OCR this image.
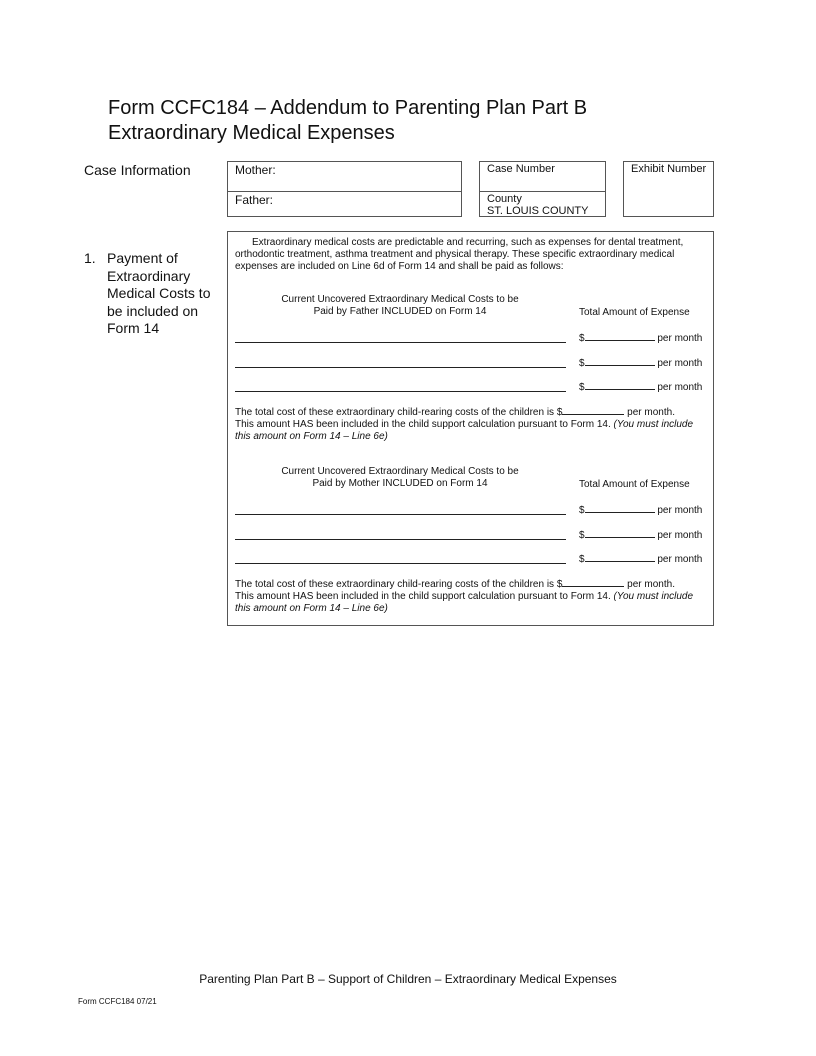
Form CCFC184 – Addendum to Parenting Plan Part B
Extraordinary Medical Expenses
Case Information	Mother:
Father:
Case Number
County
ST. LOUIS COUNTY
Exhibit Number
1. Payment of Extraordinary Medical Costs to be included on Form 14
Extraordinary medical costs are predictable and recurring, such as expenses for dental treatment, orthodontic treatment, asthma treatment and physical therapy. These specific extraordinary medical expenses are included on Line 6d of Form 14 and shall be paid as follows:
Current Uncovered Extraordinary Medical Costs to be
Paid by Father INCLUDED on Form 14	Total Amount of Expense
$	per month
$	per month
$	per month
The total cost of these extraordinary child-rearing costs of the children is $	per month.
This amount HAS been included in the child support calculation pursuant to Form 14. (You must include this amount on Form 14 – Line 6e)
Current Uncovered Extraordinary Medical Costs to be
Paid by Mother INCLUDED on Form 14	Total Amount of Expense
$	per month
$	per month
$	per month
The total cost of these extraordinary child-rearing costs of the children is $	per month.
This amount HAS been included in the child support calculation pursuant to Form 14. (You must include this amount on Form 14 – Line 6e)
Parenting Plan Part B – Support of Children – Extraordinary Medical Expenses
Form CCFC184 07/21
